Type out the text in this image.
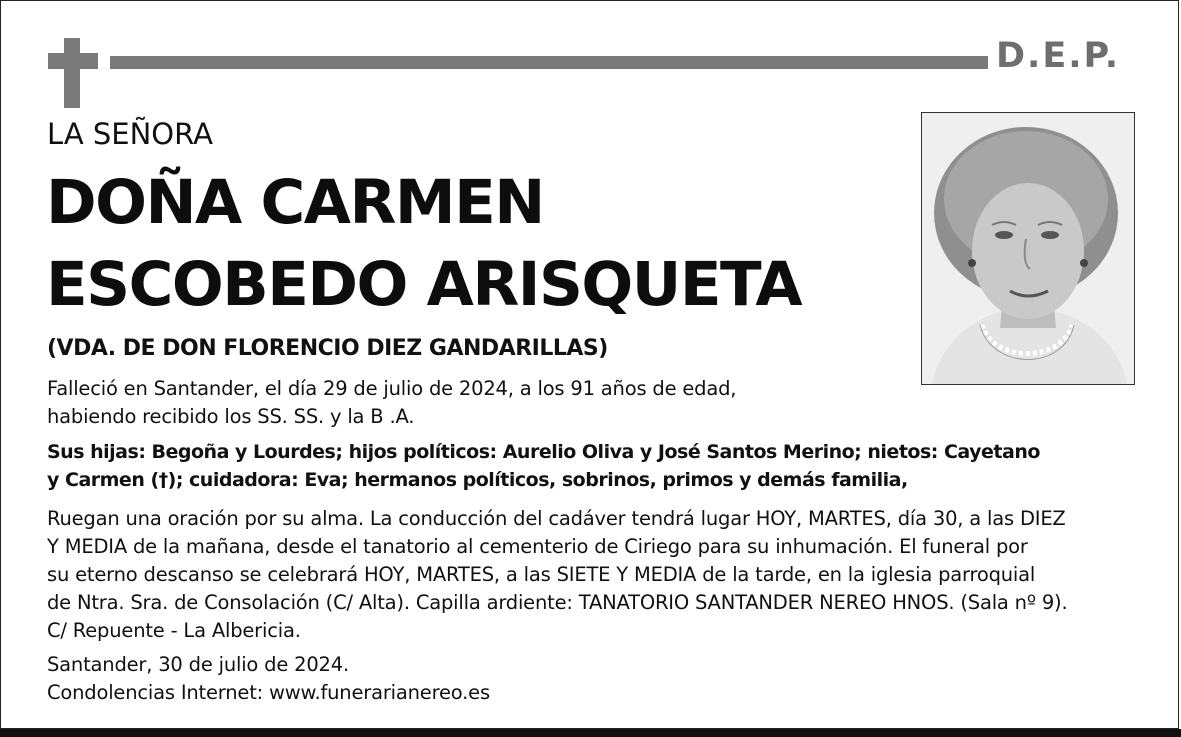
D.E.P.
LA SEÑORA
DOÑA CARMEN
ESCOBEDO ARISQUETA
(VDA. DE DON FLORENCIO DIEZ GANDARILLAS)
Falleció en Santander, el día 29 de julio de 2024, a los 91 años de edad,
habiendo recibido los SS. SS. y la B .A.
Sus hijas: Begoña y Lourdes; hijos políticos: Aurelio Oliva y José Santos Merino; nietos: Cayetano
y Carmen (†); cuidadora: Eva; hermanos políticos, sobrinos, primos y demás familia,
Ruegan una oración por su alma. La conducción del cadáver tendrá lugar HOY, MARTES, día 30, a las DIEZ
Y MEDIA de la mañana, desde el tanatorio al cementerio de Ciriego para su inhumación. El funeral por
su eterno descanso se celebrará HOY, MARTES, a las SIETE Y MEDIA de la tarde, en la iglesia parroquial
de Ntra. Sra. de Consolación (C/ Alta). Capilla ardiente: TANATORIO SANTANDER NEREO HNOS. (Sala nº 9).
C/ Repuente - La Albericia.
Santander, 30 de julio de 2024.
Condolencias Internet: www.funerarianereo.es
